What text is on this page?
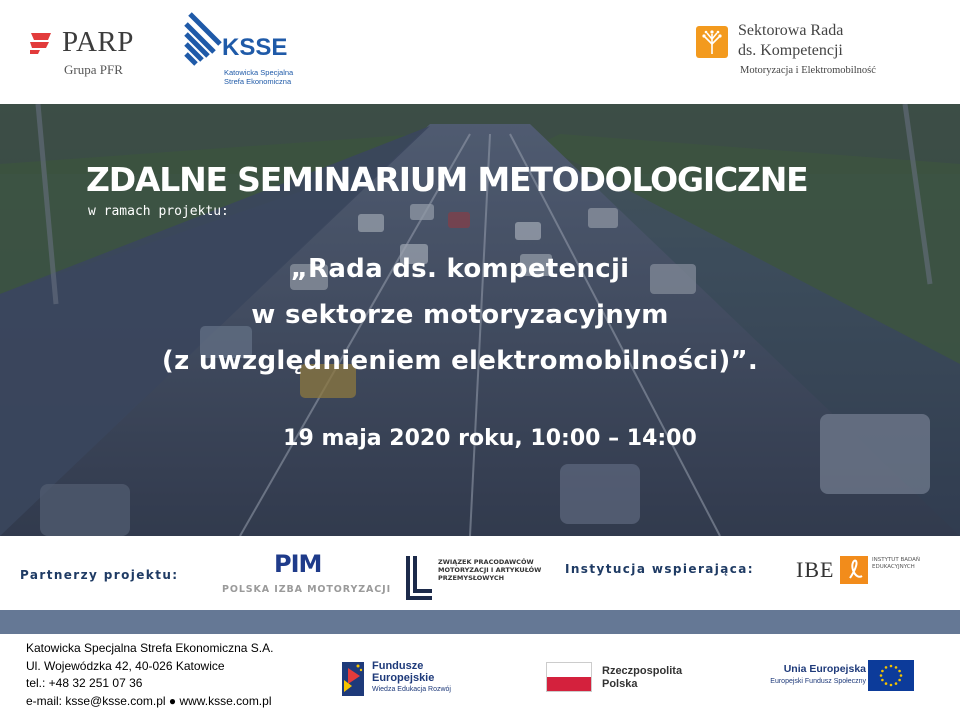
PARP
Grupa PFR
KSSE
Katowicka Specjalna Strefa Ekonomiczna
Sektorowa Rada
ds. Kompetencji
Motoryzacja i Elektromobilność
ZDALNE SEMINARIUM METODOLOGICZNE
w ramach projektu:
„Rada ds. kompetencji
w sektorze motoryzacyjnym
(z uwzględnieniem elektromobilności)”.
19 maja 2020 roku, 10:00 – 14:00
Partnerzy projektu:	PIM
POLSKA IZBA MOTORYZACJI
ZWIĄZEK PRACODAWCÓW MOTORYZACJI I ARTYKUŁÓW PRZEMYSŁOWYCH
Instytucja wspierająca: IBE	INSTYTUT BADAŃ EDUKACYJNYCH
Katowicka Specjalna Strefa Ekonomiczna S.A.
Ul. Wojewódzka 42, 40-026 Katowice
tel.: +48 32 251 07 36
e-mail: ksse@ksse.com.pl ● www.ksse.com.pl
Fundusze
Europejskie
Wiedza Edukacja Rozwój
Rzeczpospolita
Polska
Unia Europejska
Europejski Fundusz Społeczny
